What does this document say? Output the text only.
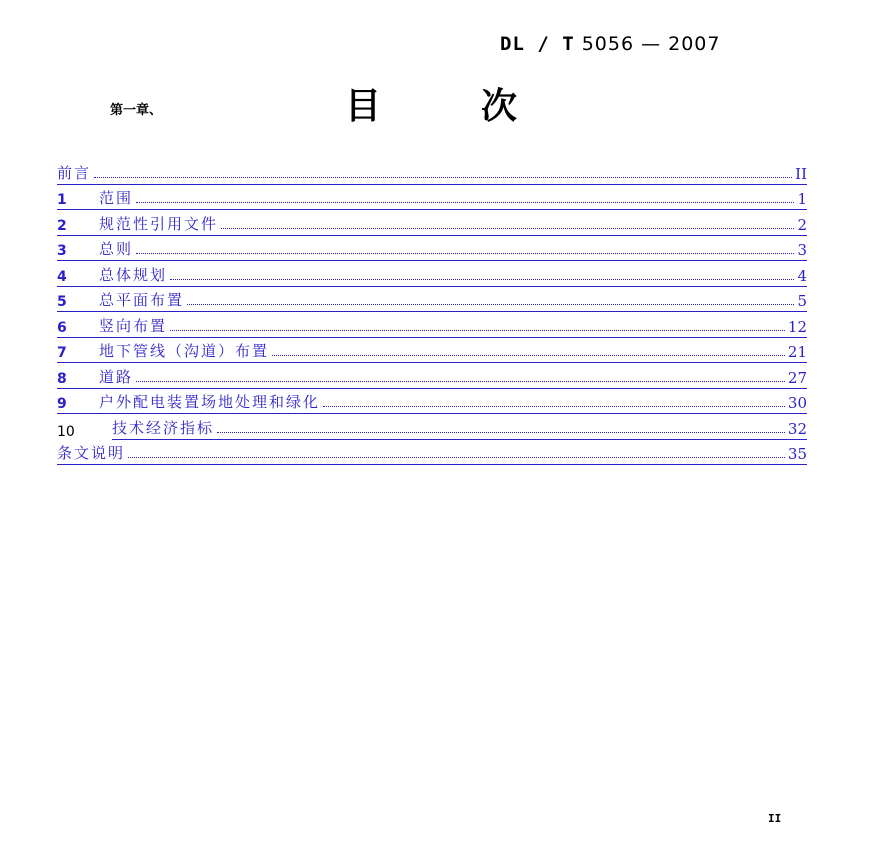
DL / T 5056 — 2007
第一章、	目次
前言	II
1	范围	1
2	规范性引用文件	2
3	总则	3
4	总体规划	4
5	总平面布置	5
6	竖向布置	12
7	地下管线（沟道）布置	21
8	道路	27
9	户外配电装置场地处理和绿化	30
10	技术经济指标	32
条文说明	35
II
